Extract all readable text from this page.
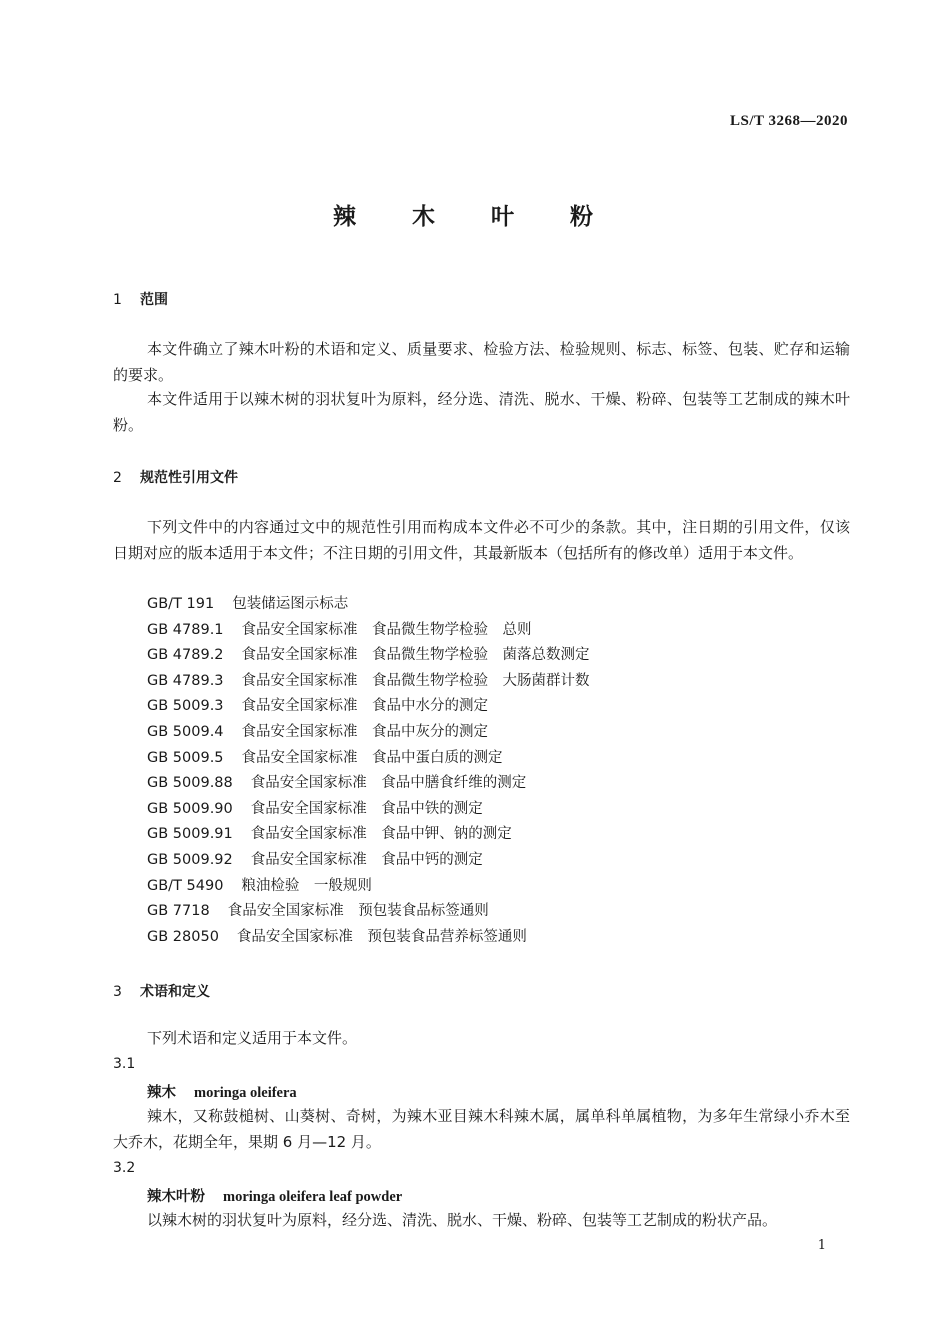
LS/T 3268—2020
辣 木 叶 粉
1 范围
本文件确立了辣木叶粉的术语和定义、质量要求、检验方法、检验规则、标志、标签、包装、贮存和运输的要求。
本文件适用于以辣木树的羽状复叶为原料，经分选、清洗、脱水、干燥、粉碎、包装等工艺制成的辣木叶粉。
2 规范性引用文件
下列文件中的内容通过文中的规范性引用而构成本文件必不可少的条款。其中，注日期的引用文件，仅该日期对应的版本适用于本文件；不注日期的引用文件，其最新版本（包括所有的修改单）适用于本文件。
GB/T 191 包装储运图示标志
GB 4789.1 食品安全国家标准　食品微生物学检验　总则
GB 4789.2 食品安全国家标准　食品微生物学检验　菌落总数测定
GB 4789.3 食品安全国家标准　食品微生物学检验　大肠菌群计数
GB 5009.3 食品安全国家标准　食品中水分的测定
GB 5009.4 食品安全国家标准　食品中灰分的测定
GB 5009.5 食品安全国家标准　食品中蛋白质的测定
GB 5009.88 食品安全国家标准　食品中膳食纤维的测定
GB 5009.90 食品安全国家标准　食品中铁的测定
GB 5009.91 食品安全国家标准　食品中钾、钠的测定
GB 5009.92 食品安全国家标准　食品中钙的测定
GB/T 5490 粮油检验　一般规则
GB 7718 食品安全国家标准　预包装食品标签通则
GB 28050 食品安全国家标准　预包装食品营养标签通则
3 术语和定义
下列术语和定义适用于本文件。
3.1
辣木 moringa oleifera
辣木，又称鼓槌树、山葵树、奇树，为辣木亚目辣木科辣木属，属单科单属植物，为多年生常绿小乔木至大乔木，花期全年，果期 6 月—12 月。
3.2
辣木叶粉 moringa oleifera leaf powder
以辣木树的羽状复叶为原料，经分选、清洗、脱水、干燥、粉碎、包装等工艺制成的粉状产品。
1
